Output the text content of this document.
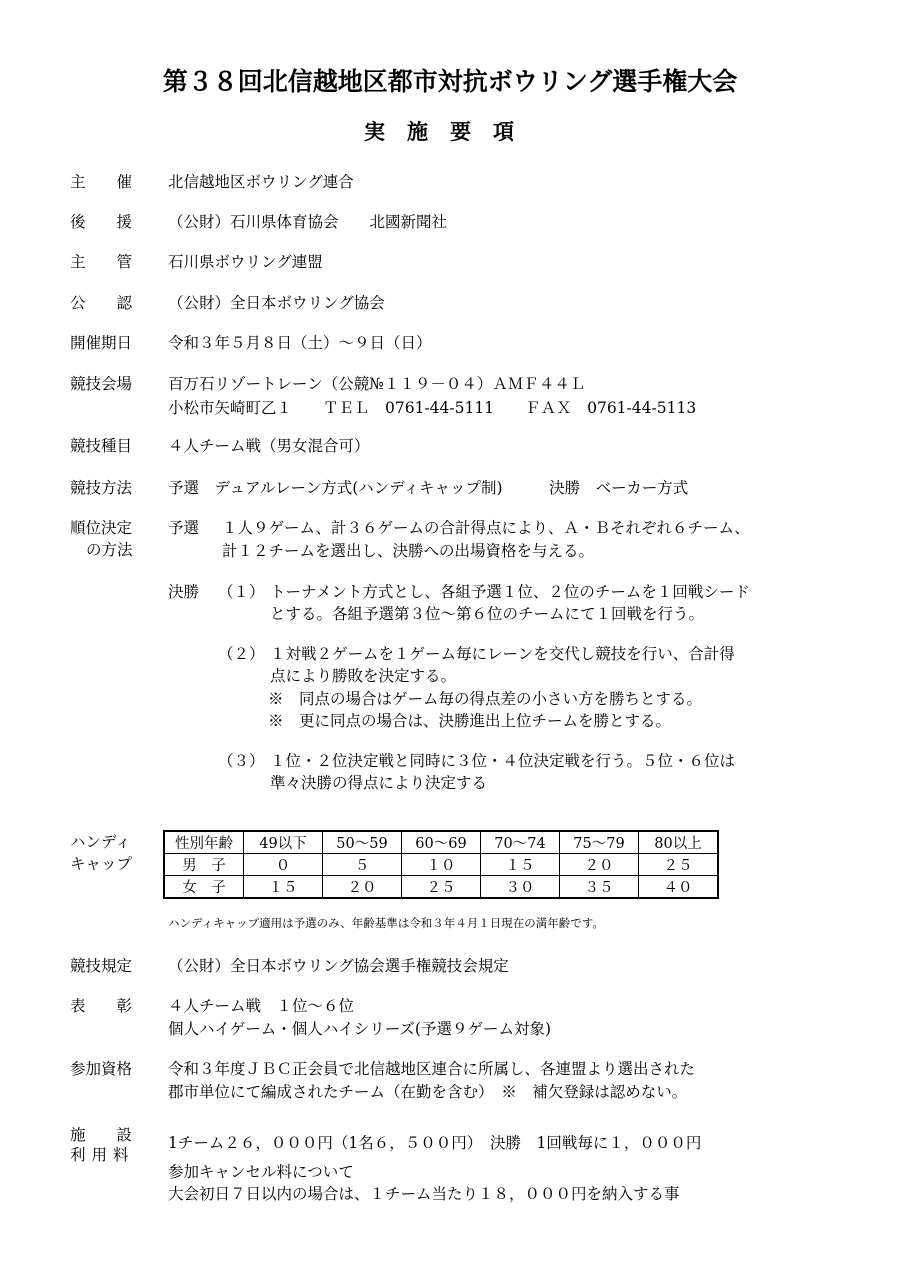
第３８回北信越地区都市対抗ボウリング選手権大会
実施要項
主　　催	北信越地区ボウリング連合
後　　援	（公財）石川県体育協会　　北國新聞社
主　　管	石川県ボウリング連盟
公　　認	（公財）全日本ボウリング協会
開催期日	令和３年５月８日（土）～９日（日）
競技会場	百万石リゾートレーン（公競№１１９－０４）ＡＭＦ４４Ｌ
小松市矢崎町乙１　　ＴＥＬ　0761-44-5111　　ＦＡＸ　0761-44-5113
競技種目	４人チーム戦（男女混合可）
競技方法	予選　デュアルレーン方式(ハンディキャップ制)　　　決勝　ベーカー方式
順位決定
の方法
予選 １人９ゲーム、計３６ゲームの合計得点により、Ａ・Ｂそれぞれ６チーム、
計１２チームを選出し、決勝への出場資格を与える。
決勝 （１） トーナメント方式とし、各組予選１位、２位のチームを１回戦シード
とする。各組予選第３位～第６位のチームにて１回戦を行う。
（２） １対戦２ゲームを１ゲーム毎にレーンを交代し競技を行い、合計得
点により勝敗を決定する。
※　同点の場合はゲーム毎の得点差の小さい方を勝ちとする。
※　更に同点の場合は、決勝進出上位チームを勝とする。
（３） １位・２位決定戦と同時に３位・４位決定戦を行う。５位・６位は
準々決勝の得点により決定する
ハンディ
キャップ
性別年齢	49以下	50～59	60～69	70～74	75～79	80以上
男　子	０	５	１０	１５	２０	２５
女　子	１５	２０	２５	３０	３５	４０
ハンディキャップ適用は予選のみ、年齢基準は令和３年４月１日現在の満年齢です。
競技規定	（公財）全日本ボウリング協会選手権競技会規定
表　　彰	４人チーム戦　１位～６位
個人ハイゲーム・個人ハイシリーズ(予選９ゲーム対象)
参加資格	令和３年度ＪＢＣ正会員で北信越地区連合に所属し、各連盟より選出された
郡市単位にて編成されたチーム（在勤を含む）　※　補欠登録は認めない。
施　　設
利用料
1チーム２６，０００円（1名６，５００円）　決勝　1回戦毎に１，０００円
参加キャンセル料について
大会初日７日以内の場合は、１チーム当たり１８，０００円を納入する事
